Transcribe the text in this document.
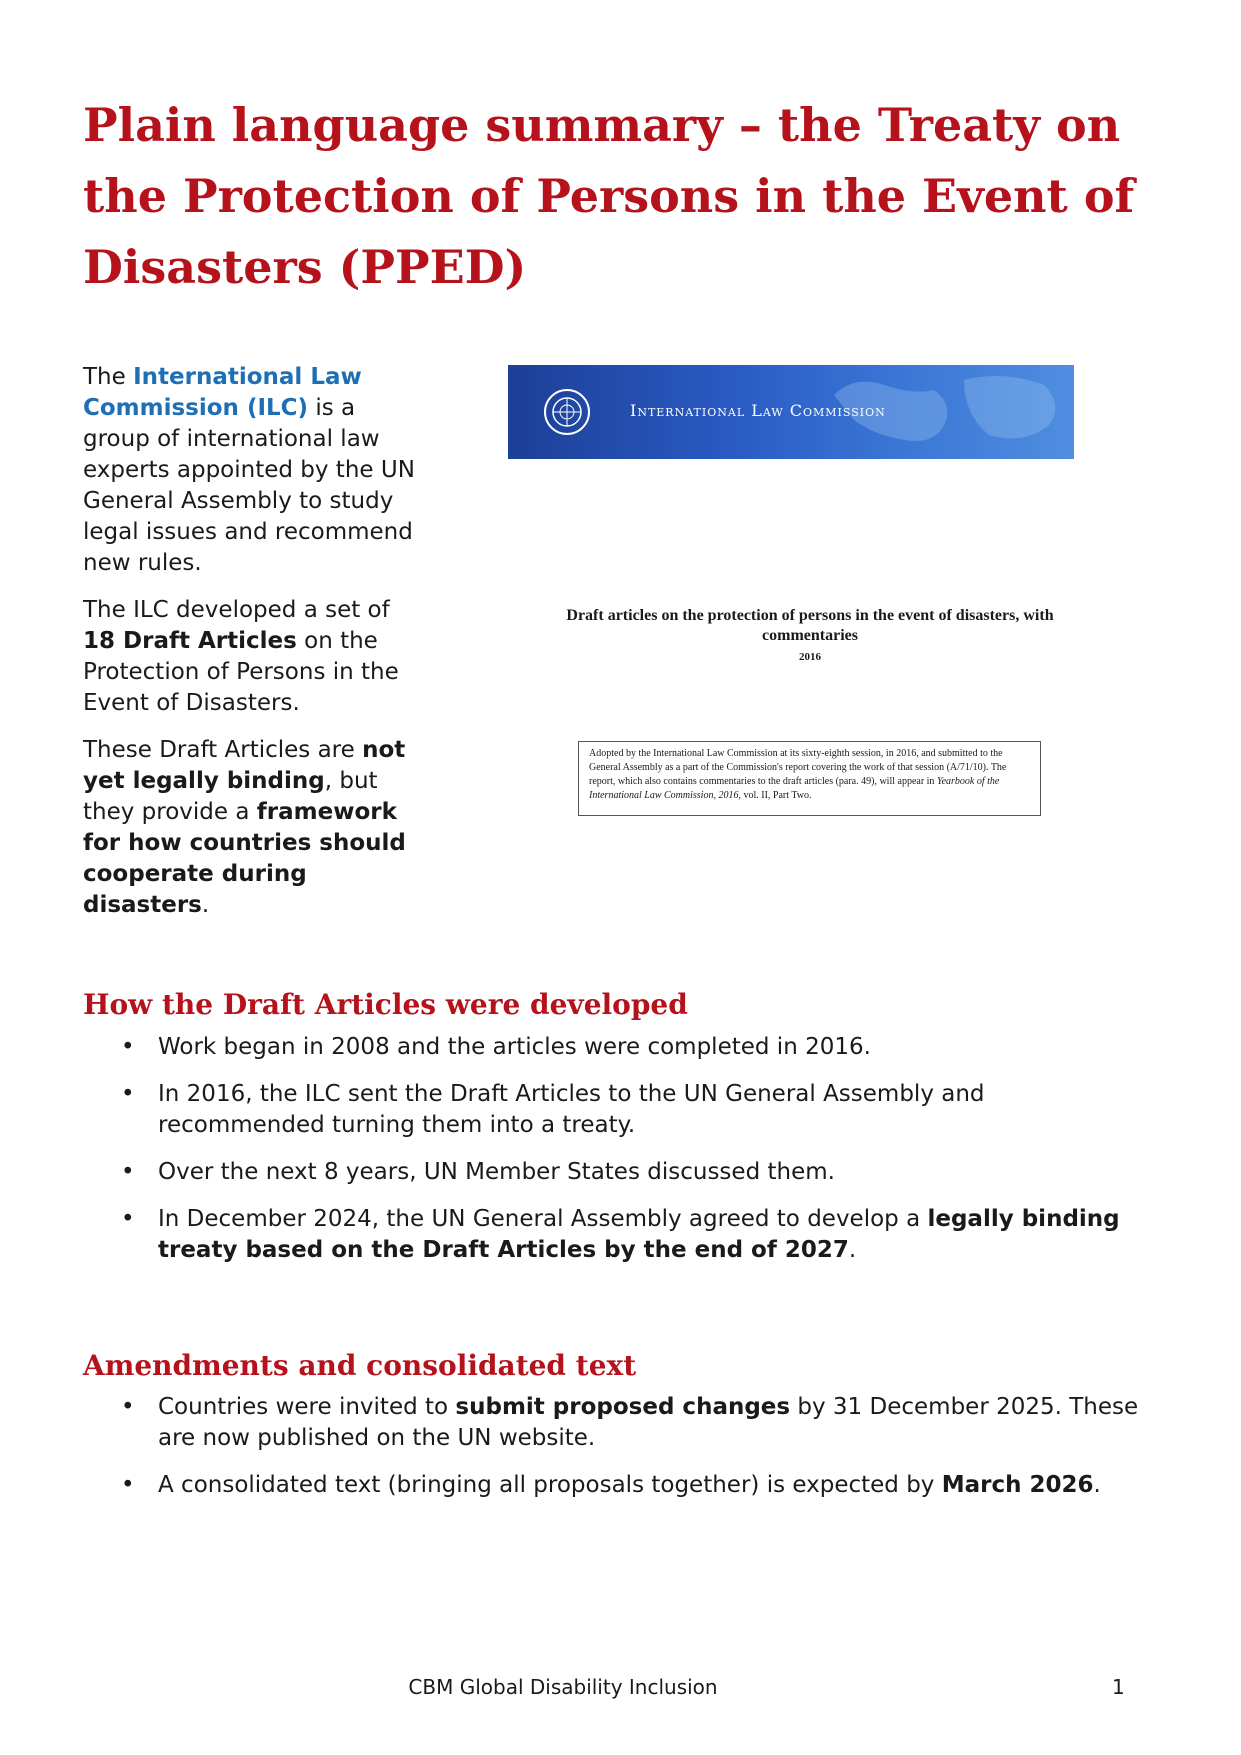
Plain language summary – the Treaty on the Protection of Persons in the Event of Disasters (PPED)

The International Law Commission (ILC) is a group of international law experts appointed by the UN General Assembly to study legal issues and recommend new rules.

The ILC developed a set of 18 Draft Articles on the Protection of Persons in the Event of Disasters.

These Draft Articles are not yet legally binding, but they provide a framework for how countries should cooperate during disasters.

International Law Commission
Draft articles on the protection of persons in the event of disasters, with commentaries
2016
Adopted by the International Law Commission at its sixty-eighth session, in 2016, and submitted to the General Assembly as a part of the Commission's report covering the work of that session (A/71/10). The report, which also contains commentaries to the draft articles (para. 49), will appear in Yearbook of the International Law Commission, 2016, vol. II, Part Two.
How the Draft Articles were developed
• Work began in 2008 and the articles were completed in 2016.
• In 2016, the ILC sent the Draft Articles to the UN General Assembly and recommended turning them into a treaty.
• Over the next 8 years, UN Member States discussed them.
• In December 2024, the UN General Assembly agreed to develop a legally binding treaty based on the Draft Articles by the end of 2027.
Amendments and consolidated text
• Countries were invited to submit proposed changes by 31 December 2025. These are now published on the UN website.
• A consolidated text (bringing all proposals together) is expected by March 2026.
CBM Global Disability Inclusion	1
